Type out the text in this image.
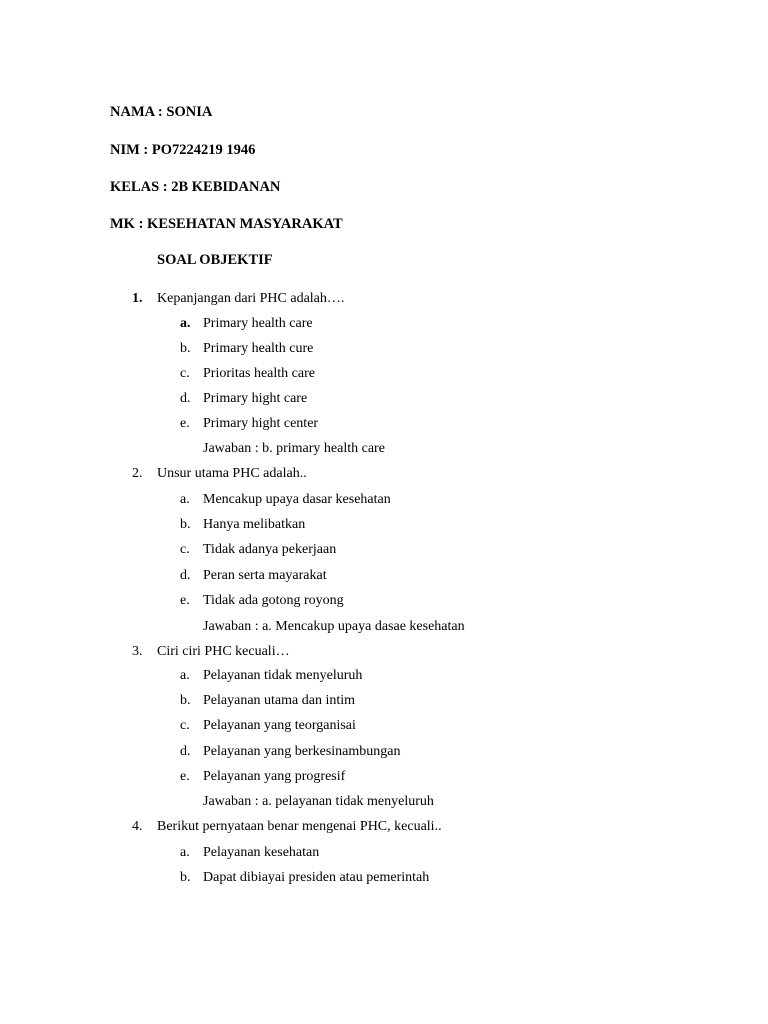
NAMA : SONIA
NIM : PO7224219 1946
KELAS : 2B KEBIDANAN
MK : KESEHATAN MASYARAKAT
SOAL OBJEKTIF
1.	Kepanjangan dari PHC adalah….
a. Primary health care
b. Primary health cure
c. Prioritas health care
d. Primary hight care
e. Primary hight center
Jawaban : b. primary health care
2.	Unsur utama PHC adalah..
a. Mencakup upaya dasar kesehatan
b. Hanya melibatkan
c. Tidak adanya pekerjaan
d. Peran serta mayarakat
e. Tidak ada gotong royong
Jawaban : a. Mencakup upaya dasae kesehatan
3.	Ciri ciri PHC kecuali…
a. Pelayanan tidak menyeluruh
b. Pelayanan utama dan intim
c. Pelayanan yang teorganisai
d. Pelayanan yang berkesinambungan
e. Pelayanan yang progresif
Jawaban : a. pelayanan tidak menyeluruh
4.	Berikut pernyataan benar mengenai PHC, kecuali..
a. Pelayanan kesehatan
b. Dapat dibiayai presiden atau pemerintah
